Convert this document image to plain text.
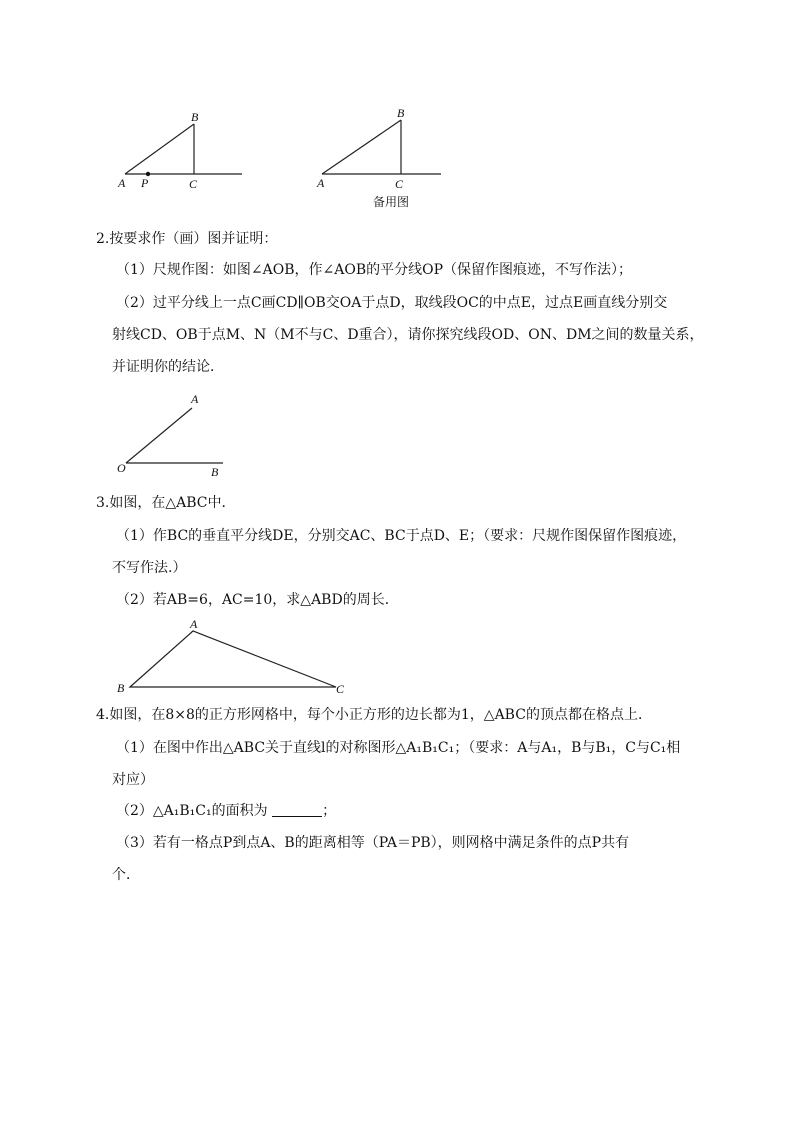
B
A P	C
B
A	C
备用图
2.按要求作（画）图并证明：
（1）尺规作图：如图∠AOB，作∠AOB的平分线OP（保留作图痕迹，不写作法）；
（2）过平分线上一点C画CD∥OB交OA于点D，取线段OC的中点E，过点E画直线分别交
射线CD、OB于点M、N（M不与C、D重合），请你探究线段OD、ON、DM之间的数量关系，
并证明你的结论．
A
O	B
3.如图，在△ABC中．
（1）作BC的垂直平分线DE，分别交AC、BC于点D、E；（要求：尺规作图保留作图痕迹，
不写作法.）
（2）若AB=6，AC=10，求△ABD的周长．
A
B	C
4.如图，在8×8的正方形网格中，每个小正方形的边长都为1，△ABC的顶点都在格点上．
（1）在图中作出△ABC关于直线l的对称图形△A₁B₁C₁；（要求：A与A₁，B与B₁，C与C₁相
对应）
（2）△A₁B₁C₁的面积为	；
（3）若有一格点P到点A、B的距离相等（PA＝PB），则网格中满足条件的点P共有
个．
